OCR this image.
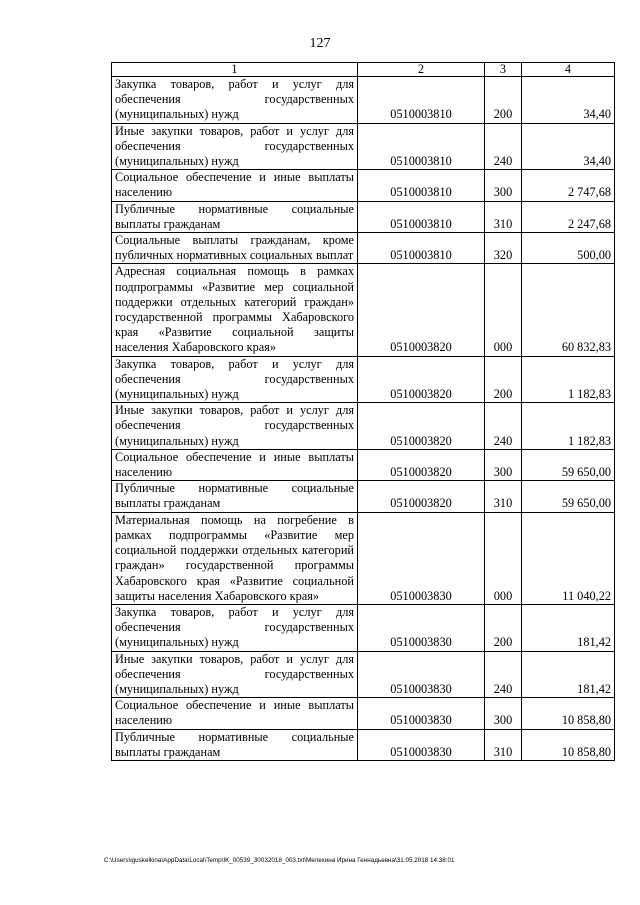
127
1	2	3	4
Закупка товаров, работ и услуг для обеспечения государственных (муниципальных) нужд	0510003810	200	34,40
Иные закупки товаров, работ и услуг для обеспечения государственных (муниципальных) нужд	0510003810	240	34,40
Социальное обеспечение и иные выплаты населению	0510003810	300	2 747,68
Публичные нормативные социальные выплаты гражданам	0510003810	310	2 247,68
Социальные выплаты гражданам, кроме публичных нормативных социальных выплат	0510003810	320	500,00
Адресная социальная помощь в рамках подпрограммы «Развитие мер социальной поддержки отдельных категорий граждан» государственной программы Хабаровского края «Развитие социальной защиты населения Хабаровского края»	0510003820	000	60 832,83
Закупка товаров, работ и услуг для обеспечения государственных (муниципальных) нужд	0510003820	200	1 182,83
Иные закупки товаров, работ и услуг для обеспечения государственных (муниципальных) нужд	0510003820	240	1 182,83
Социальное обеспечение и иные выплаты населению	0510003820	300	59 650,00
Публичные нормативные социальные выплаты гражданам	0510003820	310	59 650,00
Материальная помощь на погребение в рамках подпрограммы «Развитие мер социальной поддержки отдельных категорий граждан» государственной программы Хабаровского края «Развитие социальной защиты населения Хабаровского края»	0510003830	000	11 040,22
Закупка товаров, работ и услуг для обеспечения государственных (муниципальных) нужд	0510003830	200	181,42
Иные закупки товаров, работ и услуг для обеспечения государственных (муниципальных) нужд	0510003830	240	181,42
Социальное обеспечение и иные выплаты населению	0510003830	300	10 858,80
Публичные нормативные социальные выплаты гражданам	0510003830	310	10 858,80
C:\Users\iguskelkina\AppData\Local\Temp\IK_00539_30032018_003.txt\Мелехина Ирина Геннадьевна\31.05.2018 14:38:01
